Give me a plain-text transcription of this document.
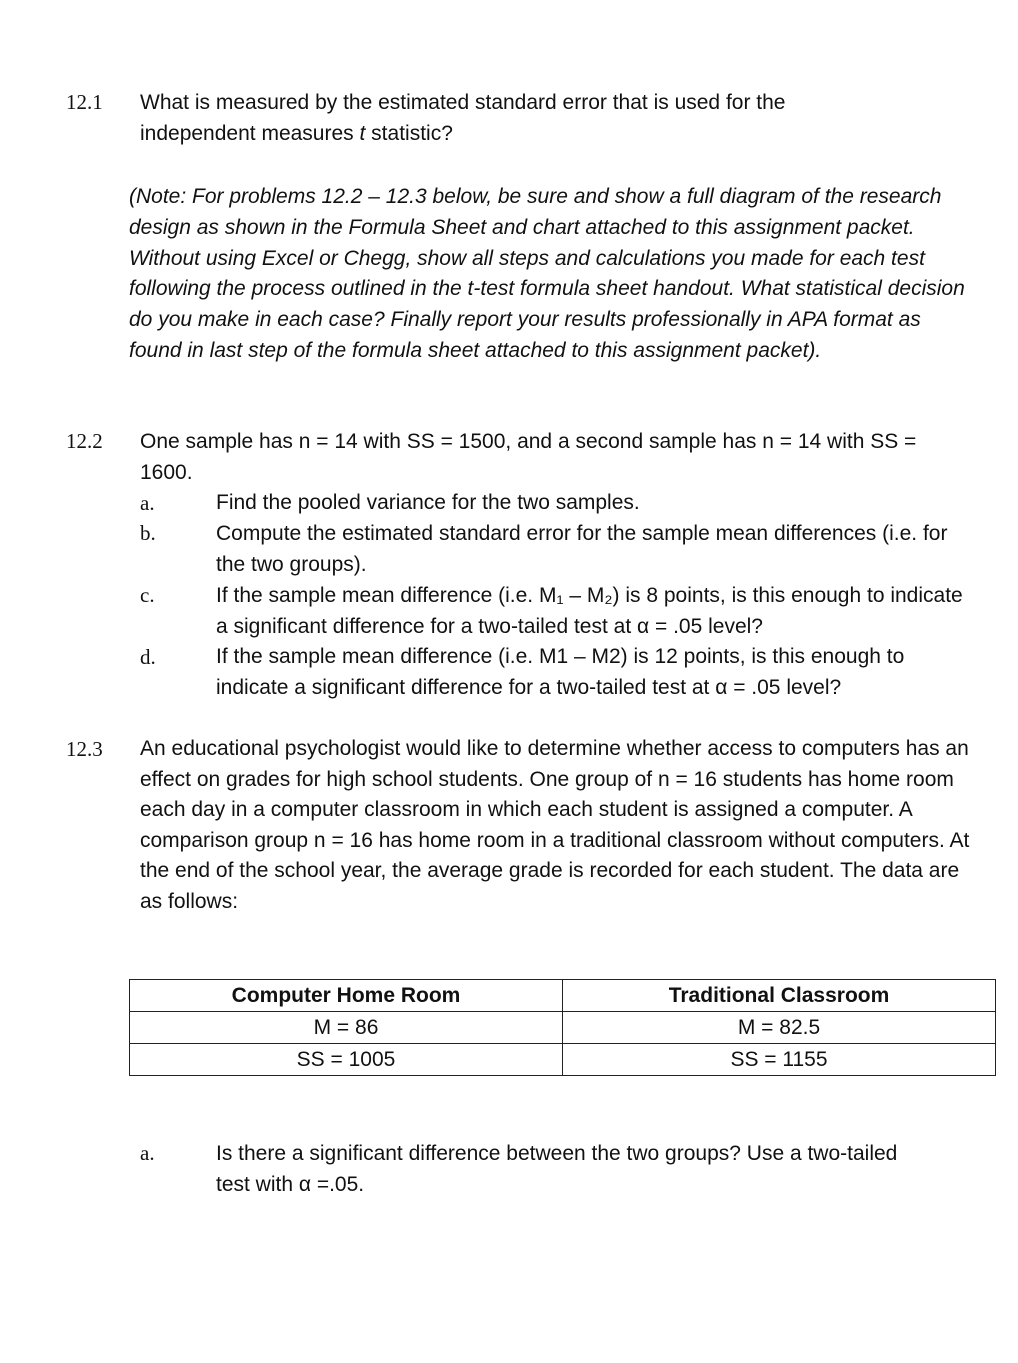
12.1 What is measured by the estimated standard error that is used for the independent measures t statistic?
(Note: For problems 12.2 – 12.3 below, be sure and show a full diagram of the research design as shown in the Formula Sheet and chart attached to this assignment packet. Without using Excel or Chegg, show all steps and calculations you made for each test following the process outlined in the t-test formula sheet handout. What statistical decision do you make in each case? Finally report your results professionally in APA format as found in last step of the formula sheet attached to this assignment packet).
12.2 One sample has n = 14 with SS = 1500, and a second sample has n = 14 with SS = 1600.
a.	Find the pooled variance for the two samples.
b.	Compute the estimated standard error for the sample mean differences (i.e. for the two groups).
c.	If the sample mean difference (i.e. M₁ – M₂) is 8 points, is this enough to indicate a significant difference for a two-tailed test at α = .05 level?
d.	If the sample mean difference (i.e. M1 – M2) is 12 points, is this enough to indicate a significant difference for a two-tailed test at α = .05 level?
12.3 An educational psychologist would like to determine whether access to computers has an effect on grades for high school students. One group of n = 16 students has home room each day in a computer classroom in which each student is assigned a computer. A comparison group n = 16 has home room in a traditional classroom without computers. At the end of the school year, the average grade is recorded for each student. The data are as follows:
Computer Home Room	Traditional Classroom
M = 86	M = 82.5
SS = 1005	SS = 1155
a.	Is there a significant difference between the two groups? Use a two-tailed test with α =.05.
